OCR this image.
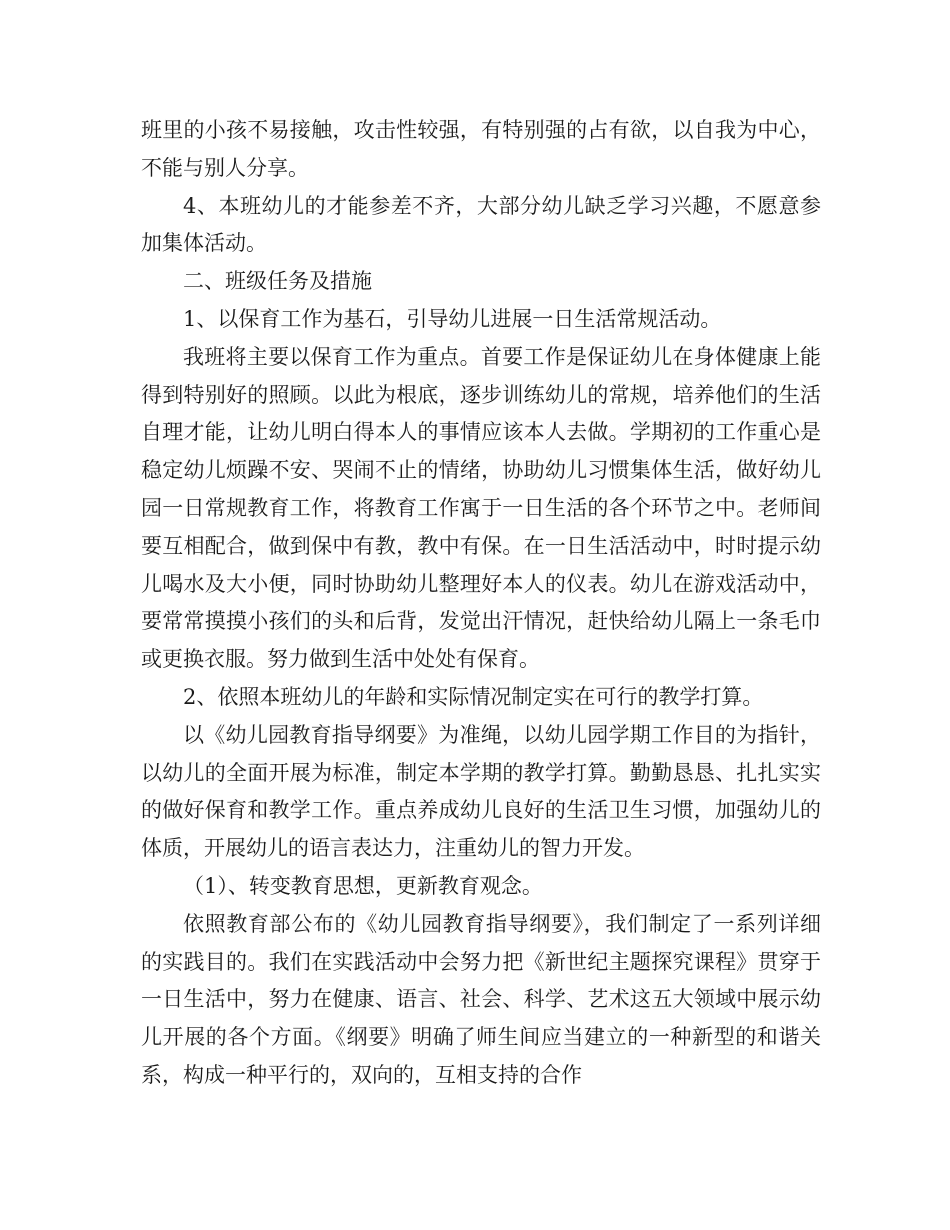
班里的小孩不易接触，攻击性较强，有特别强的占有欲，以自我为中心，不能与别人分享。

4、本班幼儿的才能参差不齐，大部分幼儿缺乏学习兴趣，不愿意参加集体活动。

二、班级任务及措施

1、以保育工作为基石，引导幼儿进展一日生活常规活动。

我班将主要以保育工作为重点。首要工作是保证幼儿在身体健康上能得到特别好的照顾。以此为根底，逐步训练幼儿的常规，培养他们的生活自理才能，让幼儿明白得本人的事情应该本人去做。学期初的工作重心是稳定幼儿烦躁不安、哭闹不止的情绪，协助幼儿习惯集体生活，做好幼儿园一日常规教育工作，将教育工作寓于一日生活的各个环节之中。老师间要互相配合，做到保中有教，教中有保。在一日生活活动中，时时提示幼儿喝水及大小便，同时协助幼儿整理好本人的仪表。幼儿在游戏活动中，要常常摸摸小孩们的头和后背，发觉出汗情况，赶快给幼儿隔上一条毛巾或更换衣服。努力做到生活中处处有保育。

2、依照本班幼儿的年龄和实际情况制定实在可行的教学打算。

以《幼儿园教育指导纲要》为准绳，以幼儿园学期工作目的为指针，以幼儿的全面开展为标准，制定本学期的教学打算。勤勤恳恳、扎扎实实的做好保育和教学工作。重点养成幼儿良好的生活卫生习惯，加强幼儿的体质，开展幼儿的语言表达力，注重幼儿的智力开发。

（1）、转变教育思想，更新教育观念。

依照教育部公布的《幼儿园教育指导纲要》，我们制定了一系列详细的实践目的。我们在实践活动中会努力把《新世纪主题探究课程》贯穿于一日生活中，努力在健康、语言、社会、科学、艺术这五大领域中展示幼儿开展的各个方面。《纲要》明确了师生间应当建立的一种新型的和谐关系，构成一种平行的，双向的，互相支持的合作
